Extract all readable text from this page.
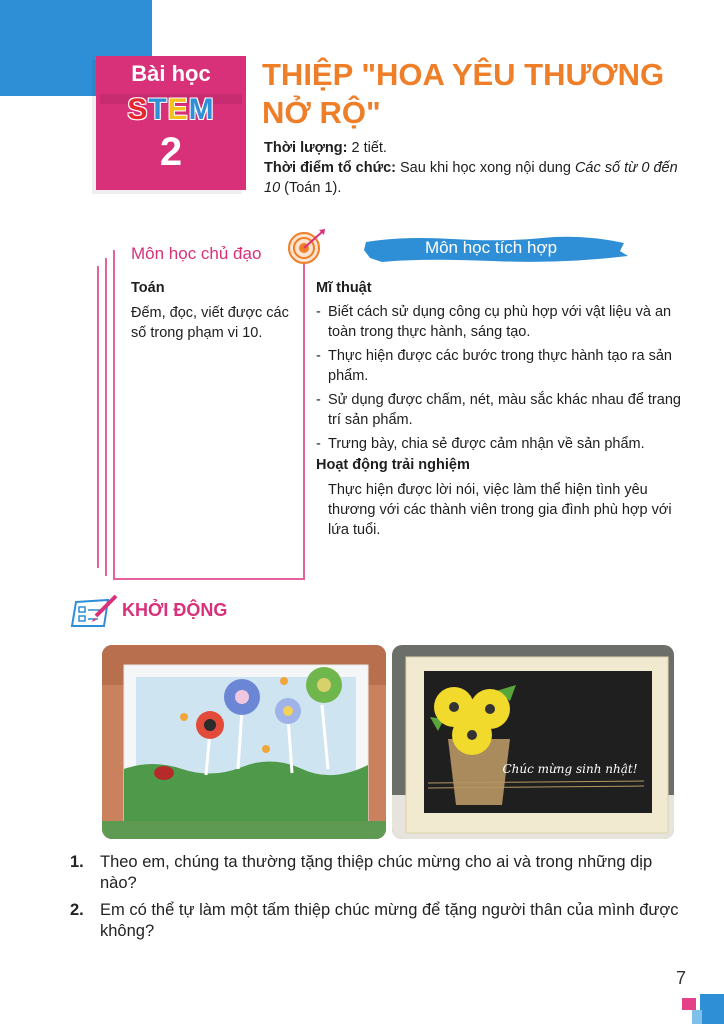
Bài học
STEM
2
THIỆP "HOA YÊU THƯƠNG
NỞ RỘ"
Thời lượng: 2 tiết.
Thời điểm tổ chức: Sau khi học xong nội dung Các số từ 0 đến 10 (Toán 1).
Môn học chủ đạo	Môn học tích hợp
Toán
Đếm, đọc, viết được các số trong phạm vi 10.
Mĩ thuật
- Biết cách sử dụng công cụ phù hợp với vật liệu và an toàn trong thực hành, sáng tạo.
- Thực hiện được các bước trong thực hành tạo ra sản phẩm.
- Sử dụng được chấm, nét, màu sắc khác nhau để trang trí sản phẩm.
- Trưng bày, chia sẻ được cảm nhận về sản phẩm.
Hoạt động trải nghiệm
Thực hiện được lời nói, việc làm thể hiện tình yêu thương với các thành viên trong gia đình phù hợp với lứa tuổi.
KHỞI ĐỘNG
Chúc mừng sinh nhật!
1. Theo em, chúng ta thường tặng thiệp chúc mừng cho ai và trong những dịp nào?
2. Em có thể tự làm một tấm thiệp chúc mừng để tặng người thân của mình được không?
7
